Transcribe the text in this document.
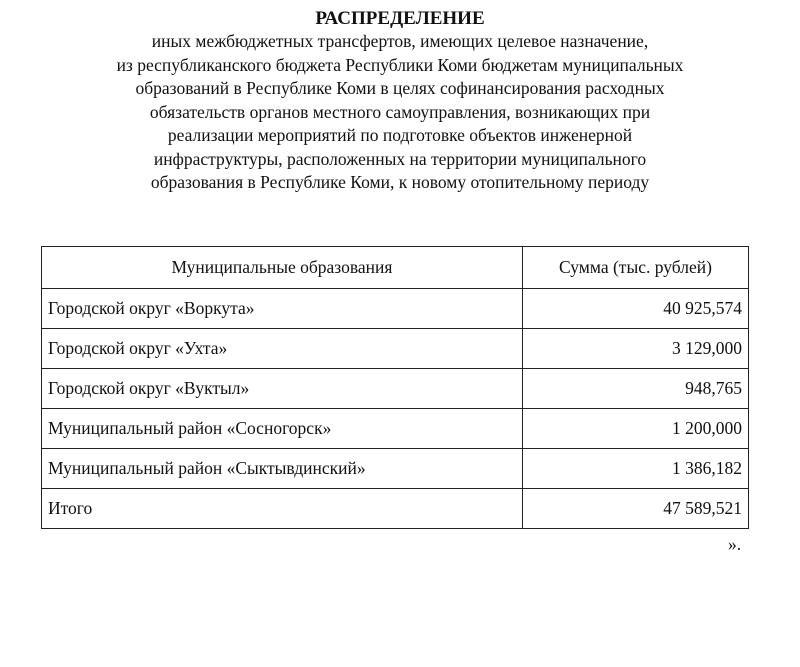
РАСПРЕДЕЛЕНИЕ

иных межбюджетных трансфертов, имеющих целевое назначение,

из республиканского бюджета Республики Коми бюджетам муниципальных

образований в Республике Коми в целях софинансирования расходных

обязательств органов местного самоуправления, возникающих при

реализации мероприятий по подготовке объектов инженерной

инфраструктуры, расположенных на территории муниципального

образования в Республике Коми, к новому отопительному периоду

Муниципальные образования	Сумма (тыс. рублей)
Городской округ «Воркута»	40 925,574
Городской округ «Ухта»	3 129,000
Городской округ «Вуктыл»	948,765
Муниципальный район «Сосногорск»	1 200,000
Муниципальный район «Сыктывдинский»	1 386,182
Итого	47 589,521
».
